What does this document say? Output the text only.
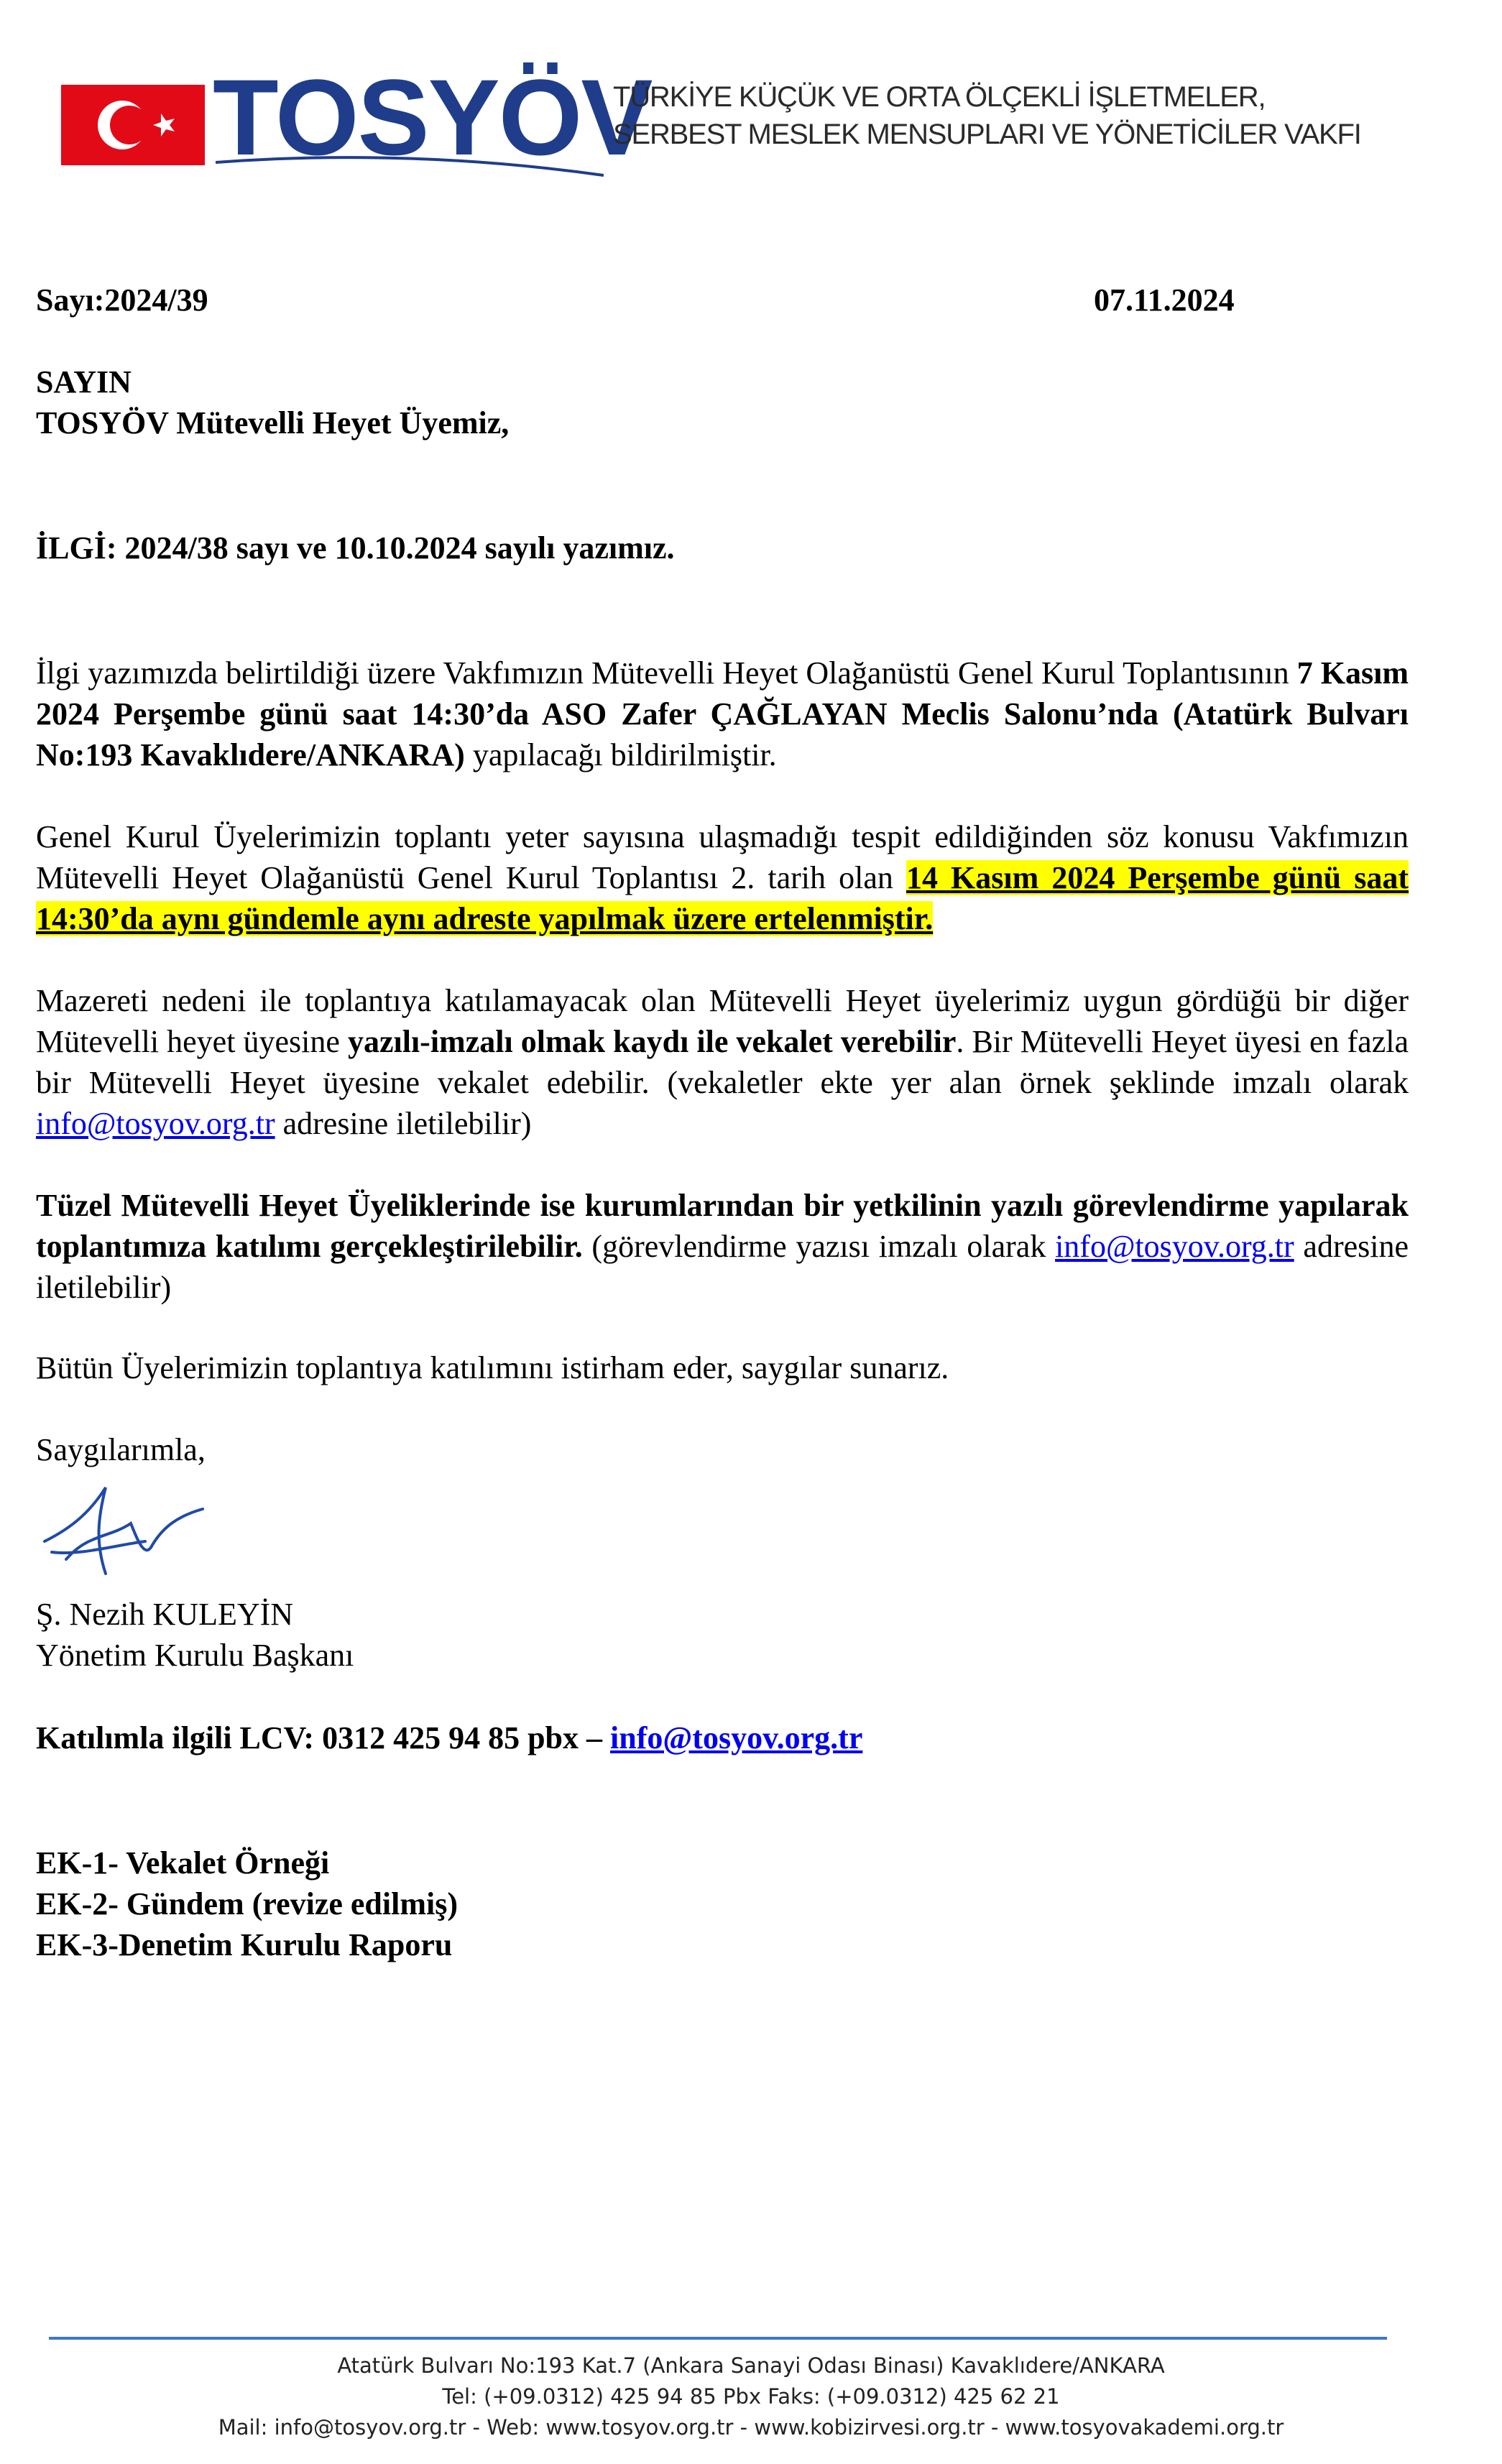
TOSYÖV
TÜRKİYE KÜÇÜK VE ORTA ÖLÇEKLİ İŞLETMELER,
SERBEST MESLEK MENSUPLARI VE YÖNETİCİLER VAKFI
Sayı:2024/39	07.11.2024
SAYIN
TOSYÖV Mütevelli Heyet Üyemiz,
İLGİ: 2024/38 sayı ve 10.10.2024 sayılı yazımız.
İlgi yazımızda belirtildiği üzere Vakfımızın Mütevelli Heyet Olağanüstü Genel Kurul Toplantısının 7 Kasım 2024 Perşembe günü saat 14:30’da ASO Zafer ÇAĞLAYAN Meclis Salonu’nda (Atatürk Bulvarı No:193 Kavaklıdere/ANKARA) yapılacağı bildirilmiştir.
Genel Kurul Üyelerimizin toplantı yeter sayısına ulaşmadığı tespit edildiğinden söz konusu Vakfımızın Mütevelli Heyet Olağanüstü Genel Kurul Toplantısı 2. tarih olan 14 Kasım 2024 Perşembe günü saat 14:30’da aynı gündemle aynı adreste yapılmak üzere ertelenmiştir.
Mazereti nedeni ile toplantıya katılamayacak olan Mütevelli Heyet üyelerimiz uygun gördüğü bir diğer Mütevelli heyet üyesine yazılı-imzalı olmak kaydı ile vekalet verebilir. Bir Mütevelli Heyet üyesi en fazla bir Mütevelli Heyet üyesine vekalet edebilir. (vekaletler ekte yer alan örnek şeklinde imzalı olarak info@tosyov.org.tr adresine iletilebilir)
Tüzel Mütevelli Heyet Üyeliklerinde ise kurumlarından bir yetkilinin yazılı görevlendirme yapılarak toplantımıza katılımı gerçekleştirilebilir. (görevlendirme yazısı imzalı olarak info@tosyov.org.tr adresine iletilebilir)
Bütün Üyelerimizin toplantıya katılımını istirham eder, saygılar sunarız.
Saygılarımla,
Ş. Nezih KULEYİN
Yönetim Kurulu Başkanı
Katılımla ilgili LCV: 0312 425 94 85 pbx – info@tosyov.org.tr
EK-1- Vekalet Örneği
EK-2- Gündem (revize edilmiş)
EK-3-Denetim Kurulu Raporu
Atatürk Bulvarı No:193 Kat.7 (Ankara Sanayi Odası Binası) Kavaklıdere/ANKARA
Tel: (+09.0312) 425 94 85 Pbx Faks: (+09.0312) 425 62 21
Mail: info@tosyov.org.tr - Web: www.tosyov.org.tr - www.kobizirvesi.org.tr - www.tosyovakademi.org.tr
